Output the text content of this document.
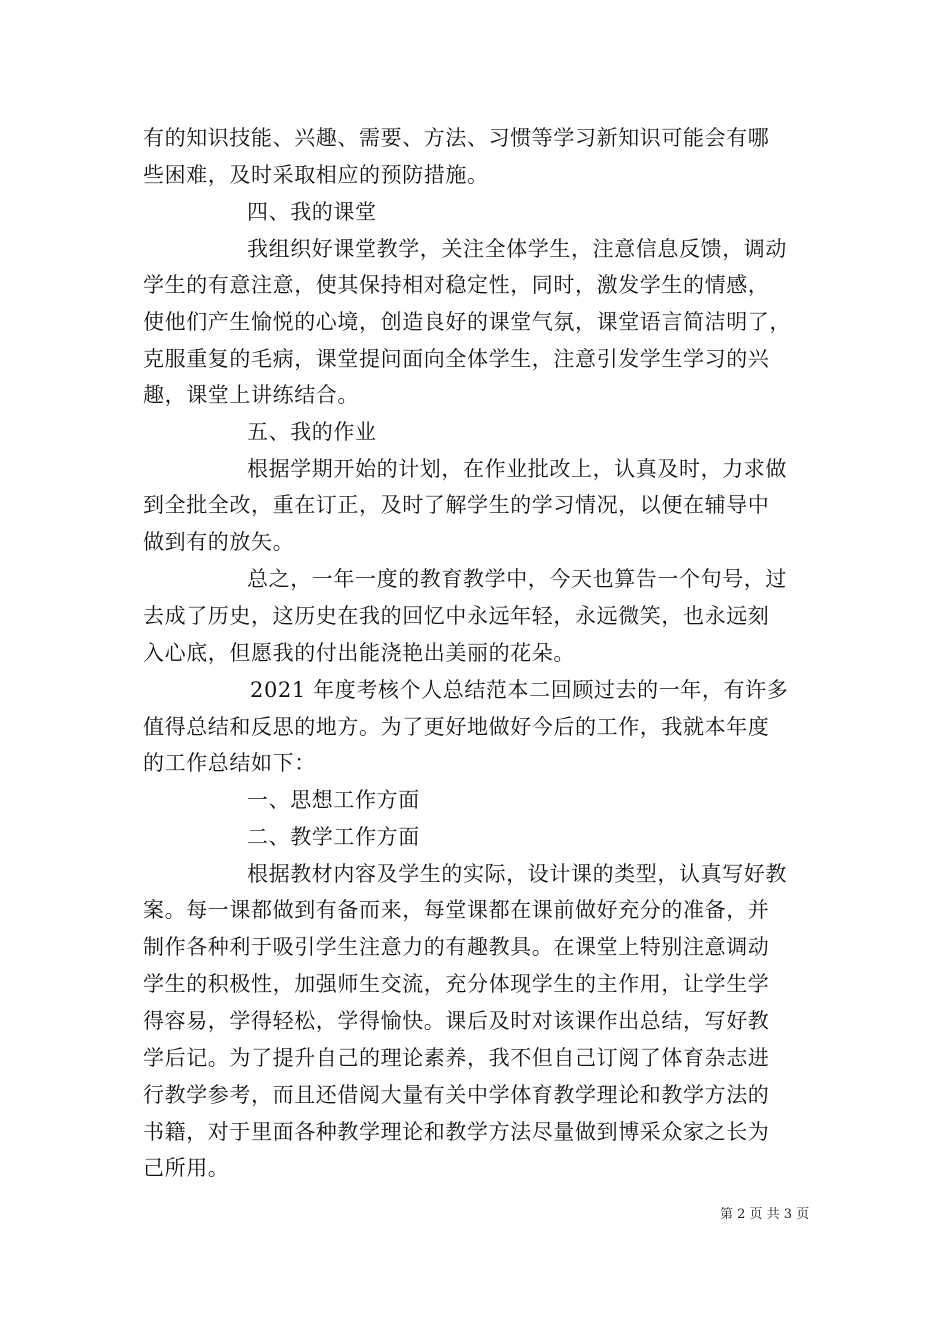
有的知识技能、兴趣、需要、方法、习惯等学习新知识可能会有哪
些困难，及时采取相应的预防措施。
四、我的课堂
我组织好课堂教学，关注全体学生，注意信息反馈，调动
学生的有意注意，使其保持相对稳定性，同时，激发学生的情感，
使他们产生愉悦的心境，创造良好的课堂气氛，课堂语言简洁明了，
克服重复的毛病，课堂提问面向全体学生，注意引发学生学习的兴
趣，课堂上讲练结合。
五、我的作业
根据学期开始的计划，在作业批改上，认真及时，力求做
到全批全改，重在订正，及时了解学生的学习情况，以便在辅导中
做到有的放矢。
总之，一年一度的教育教学中，今天也算告一个句号，过
去成了历史，这历史在我的回忆中永远年轻，永远微笑，也永远刻
入心底，但愿我的付出能浇艳出美丽的花朵。
2021 年度考核个人总结范本二回顾过去的一年，有许多
值得总结和反思的地方。为了更好地做好今后的工作，我就本年度
的工作总结如下：
一、思想工作方面
二、教学工作方面
根据教材内容及学生的实际，设计课的类型，认真写好教
案。每一课都做到有备而来，每堂课都在课前做好充分的准备，并
制作各种利于吸引学生注意力的有趣教具。在课堂上特别注意调动
学生的积极性，加强师生交流，充分体现学生的主作用，让学生学
得容易，学得轻松，学得愉快。课后及时对该课作出总结，写好教
学后记。为了提升自己的理论素养，我不但自己订阅了体育杂志进
行教学参考，而且还借阅大量有关中学体育教学理论和教学方法的
书籍，对于里面各种教学理论和教学方法尽量做到博采众家之长为
己所用。
第 2 页 共 3 页
